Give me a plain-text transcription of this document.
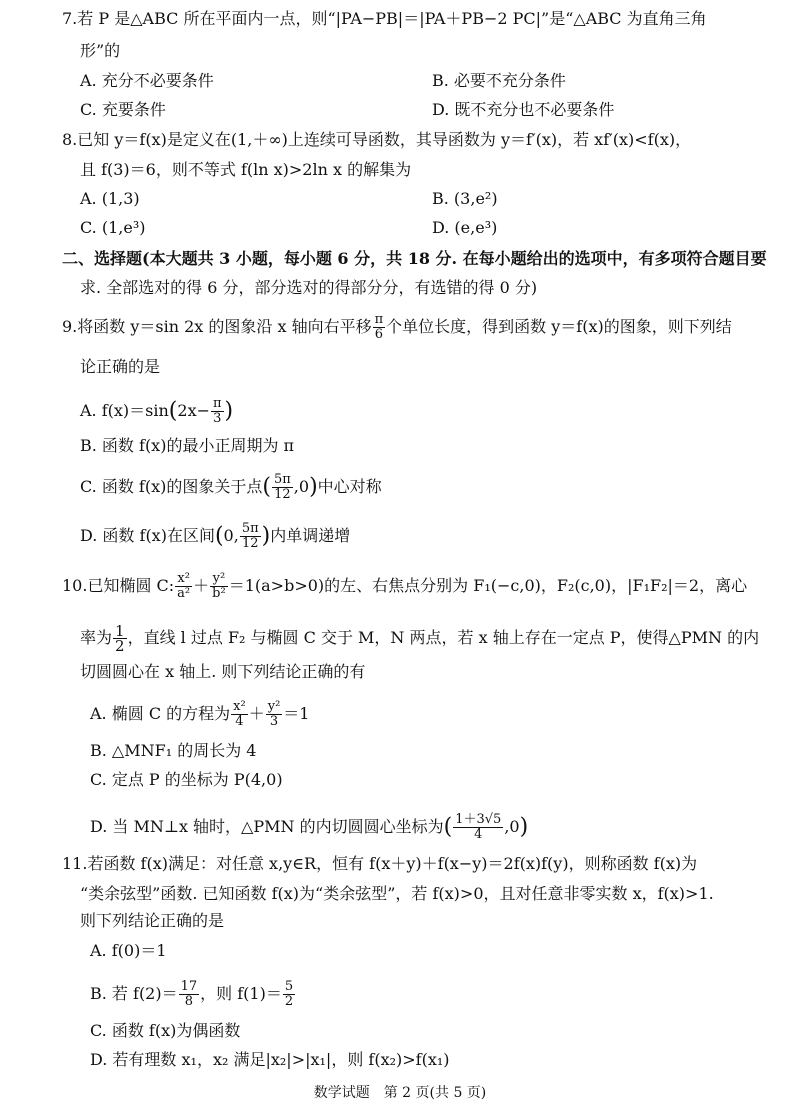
7.若 P 是△ABC 所在平面内一点，则“|PA−PB|＝|PA＋PB−2 PC|”是“△ABC 为直角三角
形”的
A. 充分不必要条件	B. 必要不充分条件
C. 充要条件	D. 既不充分也不必要条件
8.已知 y＝f(x)是定义在(1,＋∞)上连续可导函数，其导函数为 y＝f′(x)，若 xf′(x)<f(x)，
且 f(3)＝6，则不等式 f(ln x)>2ln x 的解集为
A. (1,3)	B. (3,e²)
C. (1,e³)	D. (e,e³)
二、选择题(本大题共 3 小题，每小题 6 分，共 18 分. 在每小题给出的选项中，有多项符合题目要
求. 全部选对的得 6 分，部分选对的得部分分，有选错的得 0 分)
9.将函数 y＝sin 2x 的图象沿 x 轴向右平移 $\frac{\pi}{6}$ 个单位长度，得到函数 y＝f(x)的图象，则下列结
论正确的是
A. $f(x)=\sin(2x- \frac{\pi}{3}$ )
B. 函数 f(x)的最小正周期为 π
C. 函数 f(x)的图象关于点( $\frac{5\pi}{12} ,0$)中心对称
D. 函数 f(x)在区间(0, $\frac{5\pi}{12}$ )内单调递增
10.已知椭圆 C: $\frac{\text{x²}}{\text{a²}} + \frac{\text{y²}}{\text{b²}} =1(a>b>0)$的左、右焦点分别为 F₁(−c,0)，F₂(c,0)，|F₁F₂|＝2，离心
率为 $\frac{1}{2}$ ，直线 l 过点 F₂ 与椭圆 C 交于 M，N 两点，若 x 轴上存在一定点 P，使得△PMN 的内
切圆圆心在 x 轴上. 则下列结论正确的有
A. 椭圆 C 的方程为 $\frac{\text{x²}}{4} + \frac{\text{y²}}{3} =1$
B. △MNF₁ 的周长为 4
C. 定点 P 的坐标为 P(4,0)
D. 当 MN⊥x 轴时，△PMN 的内切圆圆心坐标为( $\frac{1+3√5}{4} ,0$)
11.若函数 f(x)满足：对任意 x,y∈R，恒有 f(x＋y)＋f(x−y)＝2f(x)f(y)，则称函数 f(x)为
“类余弦型”函数. 已知函数 f(x)为“类余弦型”，若 f(x)>0，且对任意非零实数 x，f(x)>1.
则下列结论正确的是
A. f(0)＝1
B. 若 $f(2)= \frac{17}{8}$ ，则 $f(1)= \frac{5}{2}$
C. 函数 f(x)为偶函数
D. 若有理数 x₁，x₂ 满足|x₂|>|x₁|，则 f(x₂)>f(x₁)
数学试题　第 2 页(共 5 页)
